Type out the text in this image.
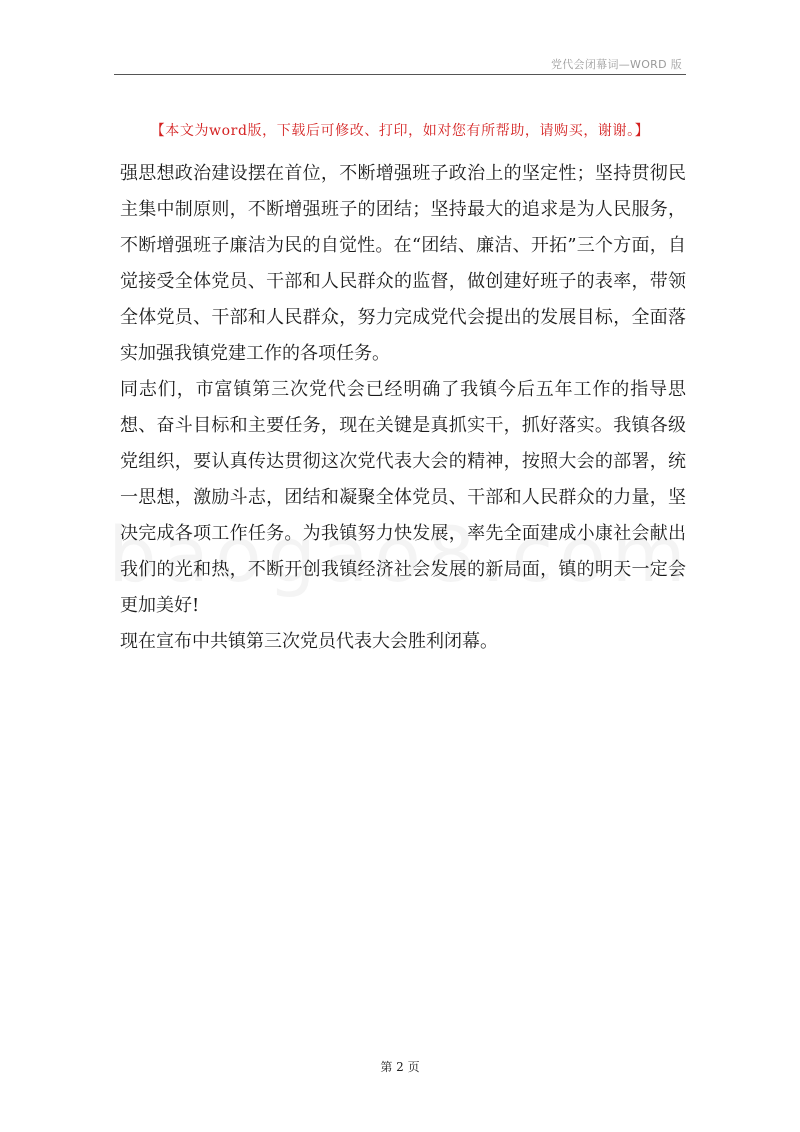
党代会闭幕词—WORD 版
【本文为word版，下载后可修改、打印，如对您有所帮助，请购买，谢谢。】

强思想政治建设摆在首位，不断增强班子政治上的坚定性；坚持贯彻民主集中制原则，不断增强班子的团结；坚持最大的追求是为人民服务，不断增强班子廉洁为民的自觉性。在“团结、廉洁、开拓”三个方面，自觉接受全体党员、干部和人民群众的监督，做创建好班子的表率，带领全体党员、干部和人民群众，努力完成党代会提出的发展目标，全面落实加强我镇党建工作的各项任务。

同志们，市富镇第三次党代会已经明确了我镇今后五年工作的指导思想、奋斗目标和主要任务，现在关键是真抓实干，抓好落实。我镇各级党组织，要认真传达贯彻这次党代表大会的精神，按照大会的部署，统一思想，激励斗志，团结和凝聚全体党员、干部和人民群众的力量，坚决完成各项工作任务。为我镇努力快发展，率先全面建成小康社会献出我们的光和热，不断开创我镇经济社会发展的新局面，镇的明天一定会更加美好!

现在宣布中共镇第三次党员代表大会胜利闭幕。

第 2 页
